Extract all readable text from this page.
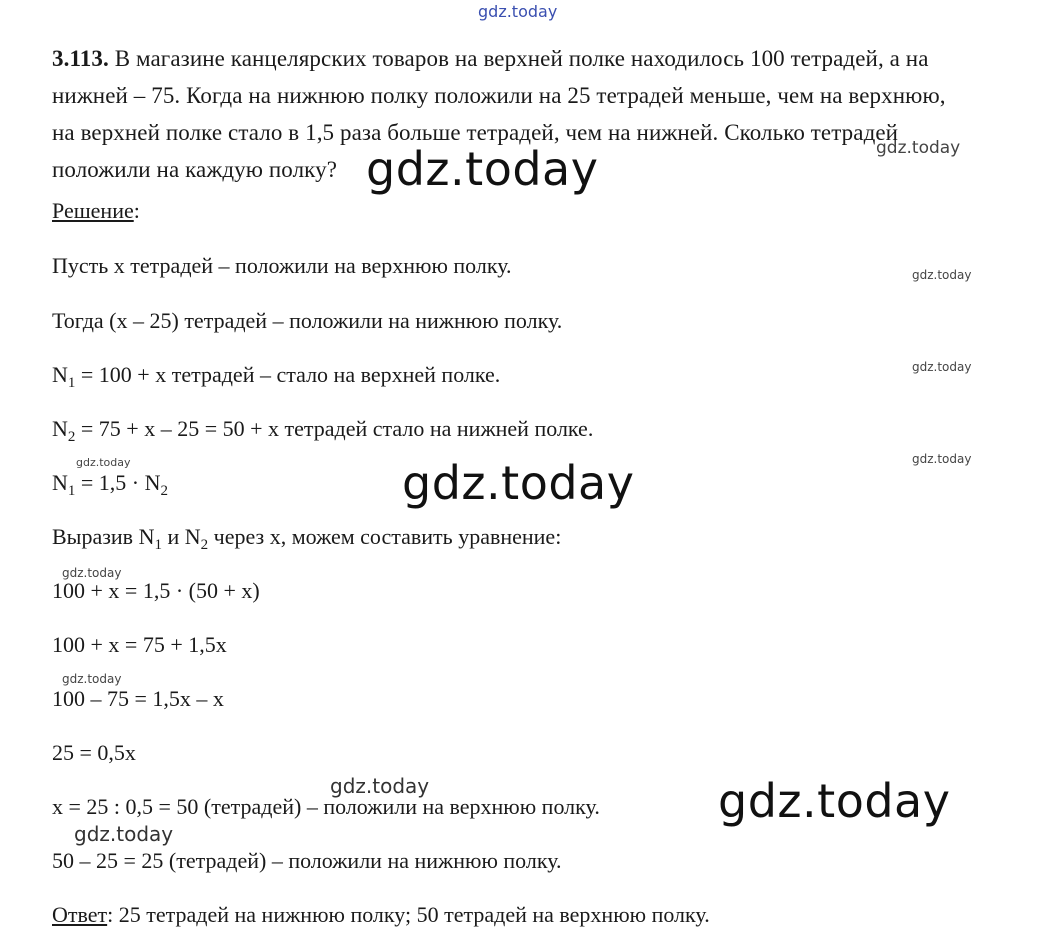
gdz.today
gdz.today	gdz.today
gdz.today
gdz.today
gdz.today
gdz.today
gdz.today
gdz.today
gdz.today
gdz.today	gdz.today
gdz.today
3.113. В магазине канцелярских товаров на верхней полке находилось 100 тетрадей, а на
нижней – 75. Когда на нижнюю полку положили на 25 тетрадей меньше, чем на верхнюю,
на верхней полке стало в 1,5 раза больше тетрадей, чем на нижней. Сколько тетрадей
положили на каждую полку?
Решение:
Пусть x тетрадей – положили на верхнюю полку.
Тогда (x – 25) тетрадей – положили на нижнюю полку.
$N_1 = 100 + x$ тетрадей – стало на верхней полке.
$N_2 = 75 + x - 25 = 50 + x$ тетрадей стало на нижней полке.
$N_1 = 1,5 \cdot N_2$
Выразив $N_1$ и $N_2$ через x, можем составить уравнение:
100 + x = 1,5 · (50 + x)
100 + x = 75 + 1,5x
100 – 75 = 1,5x – x
25 = 0,5x
x = 25 : 0,5 = 50 (тетрадей) – положили на верхнюю полку.
50 – 25 = 25 (тетрадей) – положили на нижнюю полку.
Ответ: 25 тетрадей на нижнюю полку; 50 тетрадей на верхнюю полку.
